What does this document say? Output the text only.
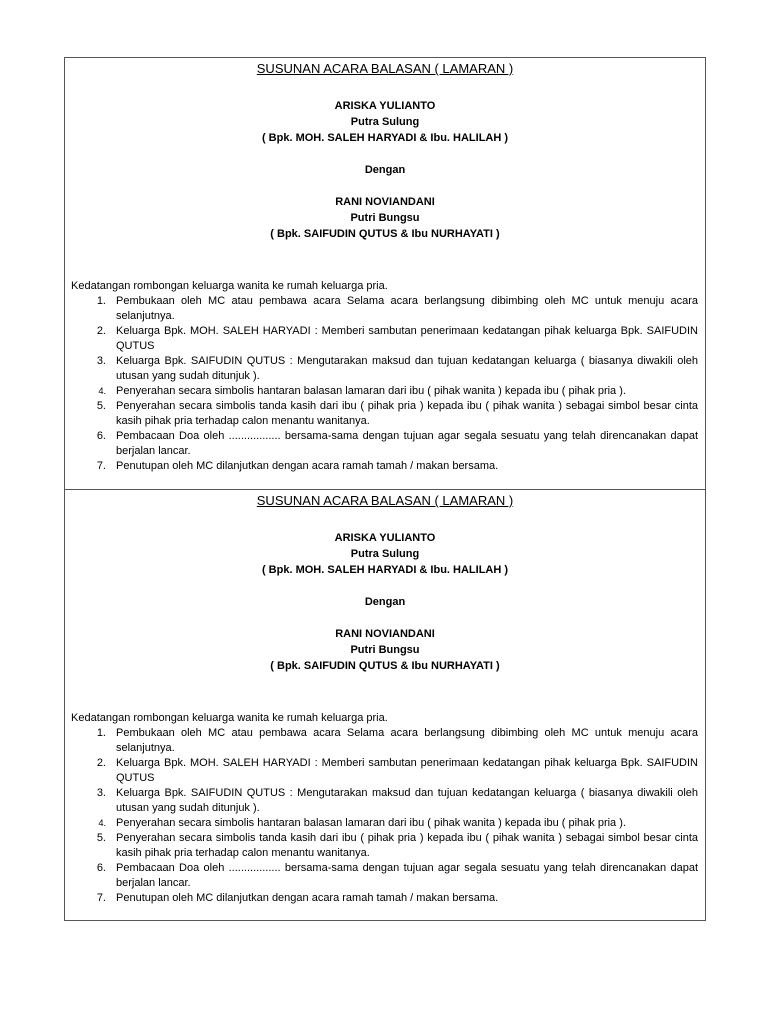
SUSUNAN ACARA BALASAN ( LAMARAN )

ARISKA YULIANTO
Putra Sulung
( Bpk. MOH. SALEH HARYADI & Ibu. HALILAH )
Dengan
RANI NOVIANDANI
Putri Bungsu
( Bpk. SAIFUDIN QUTUS & Ibu NURHAYATI )
Kedatangan rombongan keluarga wanita ke rumah keluarga pria.
1. Pembukaan oleh MC atau pembawa acara Selama acara berlangsung dibimbing oleh MC untuk menuju acara selanjutnya.
2. Keluarga Bpk. MOH. SALEH HARYADI : Memberi sambutan penerimaan kedatangan pihak keluarga Bpk. SAIFUDIN QUTUS
3. Keluarga Bpk. SAIFUDIN QUTUS : Mengutarakan maksud dan tujuan kedatangan keluarga ( biasanya diwakili oleh utusan yang sudah ditunjuk ).
4. Penyerahan secara simbolis hantaran balasan lamaran dari ibu ( pihak wanita ) kepada ibu ( pihak pria ).
5. Penyerahan secara simbolis tanda kasih dari ibu ( pihak pria ) kepada ibu ( pihak wanita ) sebagai simbol besar cinta kasih pihak pria terhadap calon menantu wanitanya.
6. Pembacaan Doa oleh ................. bersama-sama dengan tujuan agar segala sesuatu yang telah direncanakan dapat berjalan lancar.
7. Penutupan oleh MC dilanjutkan dengan acara ramah tamah / makan bersama.

SUSUNAN ACARA BALASAN ( LAMARAN )

ARISKA YULIANTO
Putra Sulung
( Bpk. MOH. SALEH HARYADI & Ibu. HALILAH )
Dengan
RANI NOVIANDANI
Putri Bungsu
( Bpk. SAIFUDIN QUTUS & Ibu NURHAYATI )
Kedatangan rombongan keluarga wanita ke rumah keluarga pria.
1. Pembukaan oleh MC atau pembawa acara Selama acara berlangsung dibimbing oleh MC untuk menuju acara selanjutnya.
2. Keluarga Bpk. MOH. SALEH HARYADI : Memberi sambutan penerimaan kedatangan pihak keluarga Bpk. SAIFUDIN QUTUS
3. Keluarga Bpk. SAIFUDIN QUTUS : Mengutarakan maksud dan tujuan kedatangan keluarga ( biasanya diwakili oleh utusan yang sudah ditunjuk ).
4. Penyerahan secara simbolis hantaran balasan lamaran dari ibu ( pihak wanita ) kepada ibu ( pihak pria ).
5. Penyerahan secara simbolis tanda kasih dari ibu ( pihak pria ) kepada ibu ( pihak wanita ) sebagai simbol besar cinta kasih pihak pria terhadap calon menantu wanitanya.
6. Pembacaan Doa oleh ................. bersama-sama dengan tujuan agar segala sesuatu yang telah direncanakan dapat berjalan lancar.
7. Penutupan oleh MC dilanjutkan dengan acara ramah tamah / makan bersama.
